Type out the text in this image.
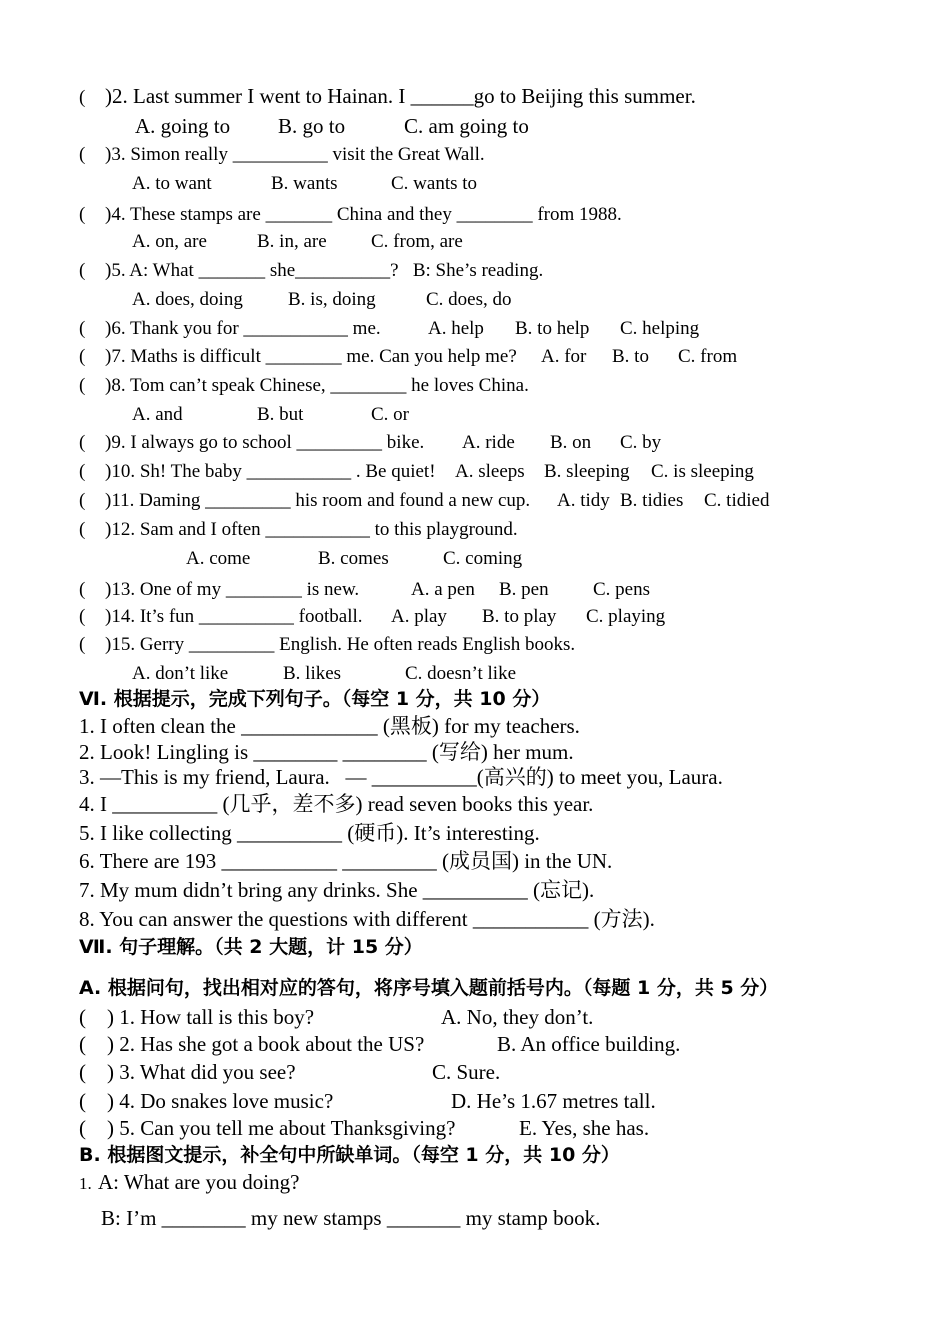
( )2. Last summer I went to Hainan. I ______go to Beijing this summer.
A. going to B. go to	C. am going to
( )3. Simon really __________ visit the Great Wall.
A. to want	B. wants	C. wants to
( )4. These stamps are _______ China and they ________ from 1988.
A. on, are	B. in, are C. from, are
( )5. A: What _______ she__________?   B: She’s reading.
A. does, doing B. is, doing	C. does, do
( )6. Thank you for ___________ me. A. help B. to help C. helping
( )7. Maths is difficult ________ me. Can you help me? A. for B. to C. from
( )8. Tom can’t speak Chinese, ________ he loves China.
A. and	B. but	C. or
( )9. I always go to school _________ bike. A. ride B. on C. by
( )10. Sh! The baby ___________ . Be quiet! A. sleeps B. sleeping C. is sleeping
( )11. Daming _________ his room and found a new cup. A. tidy B. tidies C. tidied
( )12. Sam and I often ___________ to this playground.
A. come	B. comes	C. coming
( )13. One of my ________ is new.	A. a pen B. pen C. pens
( )14. It’s fun __________ football. A. play B. to play C. playing
( )15. Gerry _________ English. He often reads English books.
A. don’t like	B. likes	C. doesn’t like
Ⅵ. 根据提示，完成下列句子。（每空 1 分，共 10 分）
1. I often clean the _____________ (黑板) for my teachers.
2. Look! Lingling is ________ ________ (写给) her mum.
3. —This is my friend, Laura.   — __________(高兴的) to meet you, Laura.
4. I __________ (几乎，差不多) read seven books this year.
5. I like collecting __________ (硬币). It’s interesting.
6. There are 193 ___________ _________ (成员国) in the UN.
7. My mum didn’t bring any drinks. She __________ (忘记).
8. You can answer the questions with different ___________ (方法).
Ⅶ. 句子理解。（共 2 大题，计 15 分）
A. 根据问句，找出相对应的答句，将序号填入题前括号内。（每题 1 分，共 5 分）
( ) 1. How tall is this boy?	A. No, they don’t.
( ) 2. Has she got a book about the US?	B. An office building.
( ) 3. What did you see?	C. Sure.
( ) 4. Do snakes love music?	D. He’s 1.67 metres tall.
( ) 5. Can you tell me about Thanksgiving?	E. Yes, she has.
B. 根据图文提示，补全句中所缺单词。（每空 1 分，共 10 分）
1. A: What are you doing?
B: I’m ________ my new stamps _______ my stamp book.
